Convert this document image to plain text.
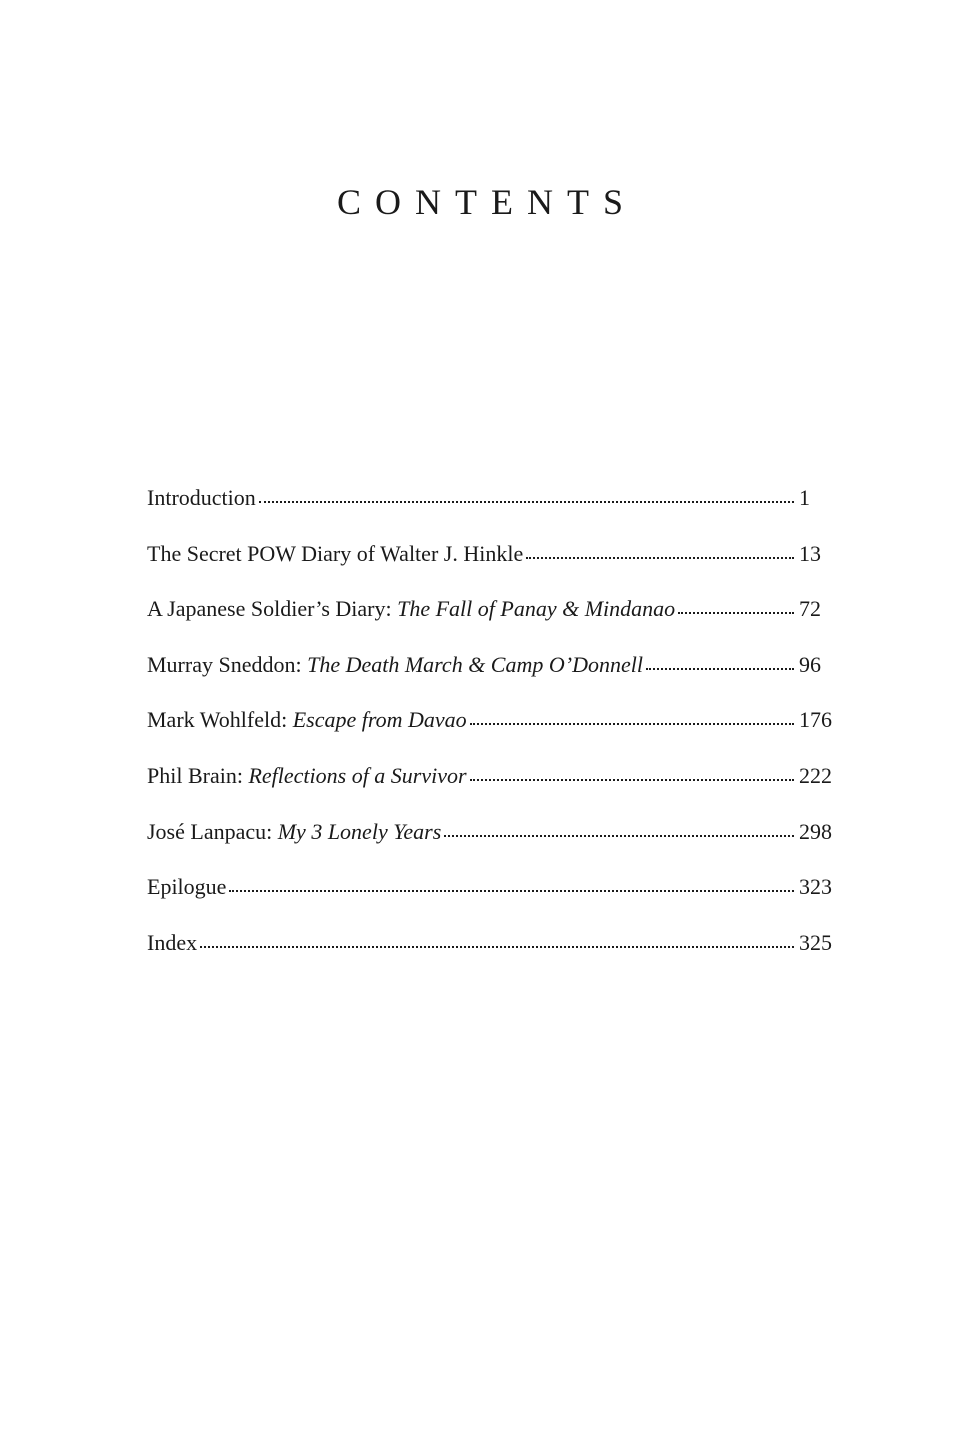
CONTENTS
Introduction	1
The Secret POW Diary of Walter J. Hinkle	13
A Japanese Soldier’s Diary: The Fall of Panay & Mindanao	72
Murray Sneddon: The Death March & Camp O’Donnell	96
Mark Wohlfeld: Escape from Davao	176
Phil Brain: Reflections of a Survivor	222
José Lanpacu: My 3 Lonely Years	298
Epilogue	323
Index	325
